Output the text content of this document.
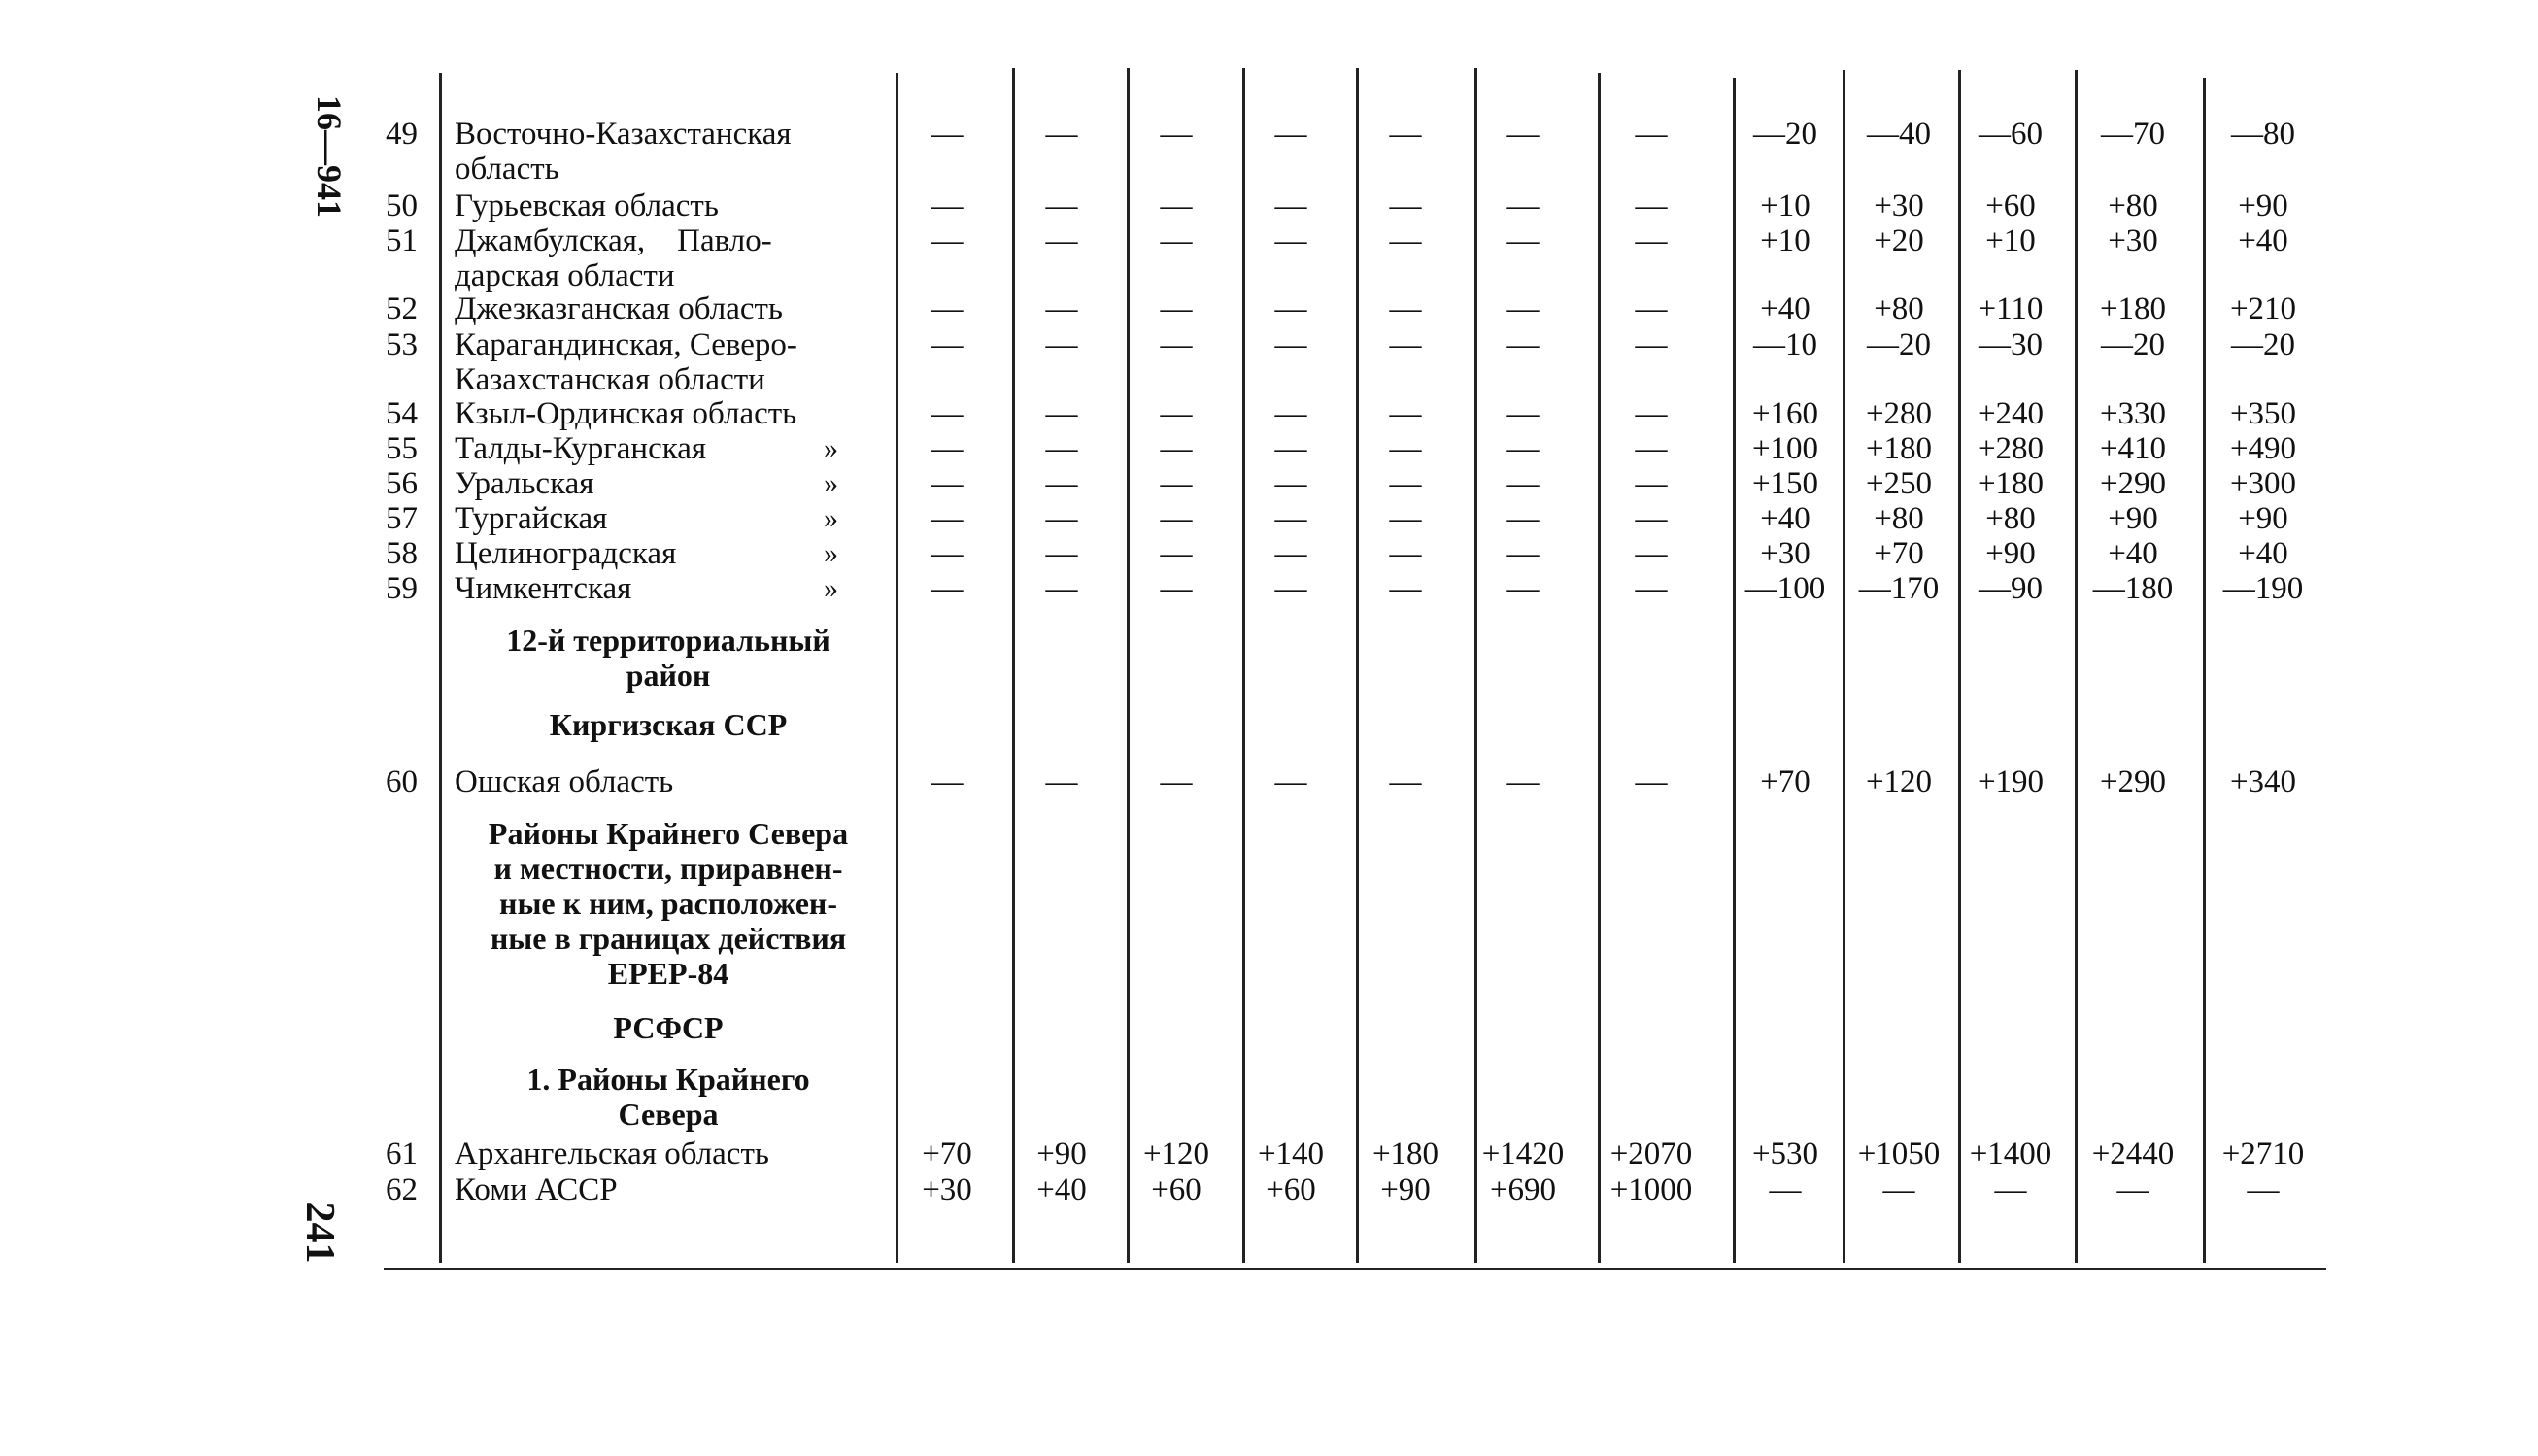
16—941
241
49 Восточно-Казахстанская
область
—	—	—	—	—	—	—	—20	—40	—60	—70	—80
50 Гурьевская область	—	—	—	—	—	—	—	+10	+30	+60	+80	+90
51 Джамбулская,    Павло-
дарская области
—	—	—	—	—	—	—	+10	+20	+10	+30	+40
52 Джезказганская область	—	—	—	—	—	—	—	+40	+80	+110	+180	+210
53 Карагандинская, Северо-
Казахстанская области
—	—	—	—	—	—	—	—10	—20	—30	—20	—20
54 Кзыл-Ординская область	—	—	—	—	—	—	—	+160	+280	+240	+330	+350
55 Талды-Курганская	»	—	—	—	—	—	—	—	+100	+180	+280	+410	+490
56 Уральская	»	—	—	—	—	—	—	—	+150	+250	+180	+290	+300
57 Тургайская	»	—	—	—	—	—	—	—	+40	+80	+80	+90	+90
58 Целиноградская	»	—	—	—	—	—	—	—	+30	+70	+90	+40	+40
59 Чимкентская	»	—	—	—	—	—	—	—	—100	—170	—90	—180	—190
12-й территориальный
район
Киргизская ССР
60 Ошская область	—	—	—	—	—	—	—	+70	+120	+190	+290	+340
Районы Крайнего Севера
и местности, приравнен-
ные к ним, расположен-
ные в границах действия
ЕРЕР-84
РСФСР
1. Районы Крайнего
Севера
61 Архангельская область	+70	+90	+120	+140	+180	+1420	+2070	+530	+1050 +1400	+2440	+2710
62 Коми АССР	+30	+40	+60	+60	+90	+690	+1000	—	—	—	—	—
